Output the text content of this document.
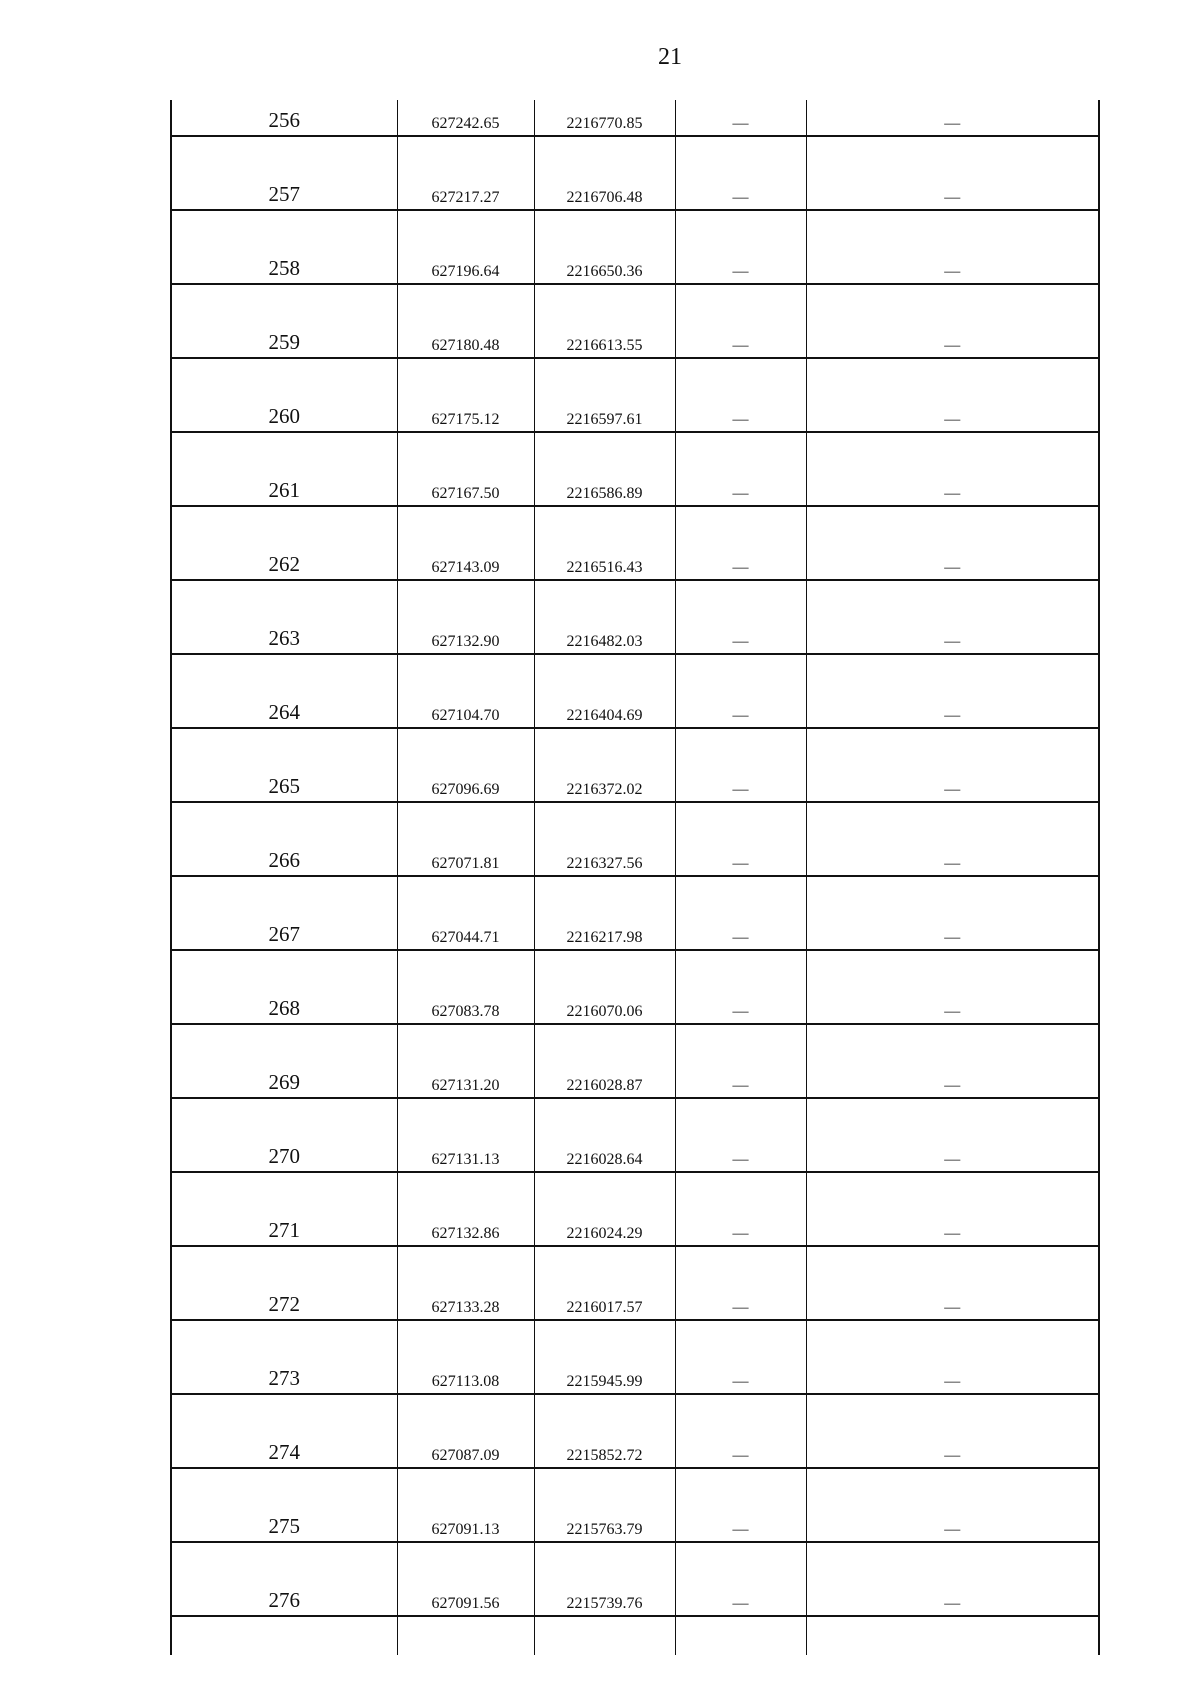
21
256	627242.65	2216770.85	—	—
257	627217.27	2216706.48	—	—
258	627196.64	2216650.36	—	—
259	627180.48	2216613.55	—	—
260	627175.12	2216597.61	—	—
261	627167.50	2216586.89	—	—
262	627143.09	2216516.43	—	—
263	627132.90	2216482.03	—	—
264	627104.70	2216404.69	—	—
265	627096.69	2216372.02	—	—
266	627071.81	2216327.56	—	—
267	627044.71	2216217.98	—	—
268	627083.78	2216070.06	—	—
269	627131.20	2216028.87	—	—
270	627131.13	2216028.64	—	—
271	627132.86	2216024.29	—	—
272	627133.28	2216017.57	—	—
273	627113.08	2215945.99	—	—
274	627087.09	2215852.72	—	—
275	627091.13	2215763.79	—	—
276	627091.56	2215739.76	—	—
